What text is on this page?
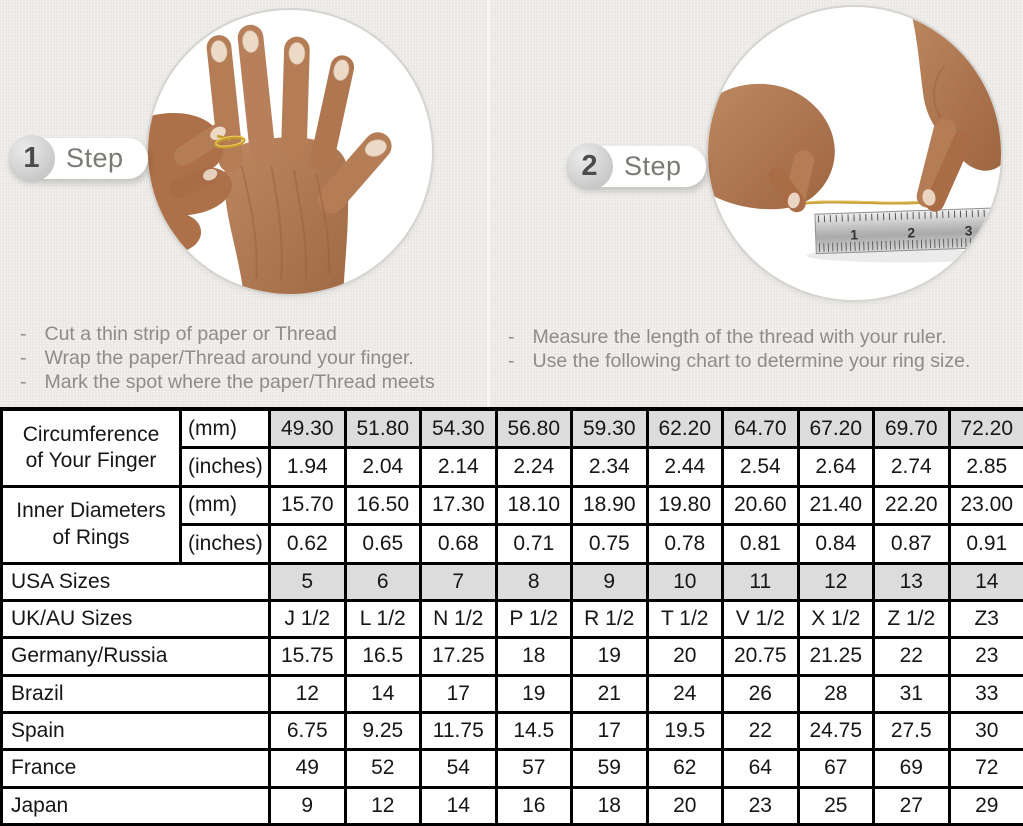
1	2	3
1 Step	2 Step
- Cut a thin strip of paper or Thread
- Wrap the paper/Thread around your finger.
- Mark the spot where the paper/Thread meets
- Measure the length of the thread with your ruler.
- Use the following chart to determine your ring size.
Circumference
of Your Finger	(mm)	49.30	51.80	54.30	56.80	59.30	62.20	64.70	67.20	69.70	72.20
	(inches)	1.94	2.04	2.14	2.24	2.34	2.44	2.54	2.64	2.74	2.85

Inner Diameters
of Rings	(mm)	15.70	16.50	17.30	18.10	18.90	19.80	20.60	21.40	22.20	23.00
	(inches)	0.62	0.65	0.68	0.71	0.75	0.78	0.81	0.84	0.87	0.91
USA Sizes		5	6	7	8	9	10	11	12	13	14
UK/AU Sizes		J 1/2	L 1/2	N 1/2	P 1/2	R 1/2	T 1/2	V 1/2	X 1/2	Z 1/2	Z3
Germany/Russia		15.75	16.5	17.25	18	19	20	20.75	21.25	22	23
Brazil		12	14	17	19	21	24	26	28	31	33
Spain		6.75	9.25	11.75	14.5	17	19.5	22	24.75	27.5	30
France		49	52	54	57	59	62	64	67	69	72
Japan		9	12	14	16	18	20	23	25	27	29
